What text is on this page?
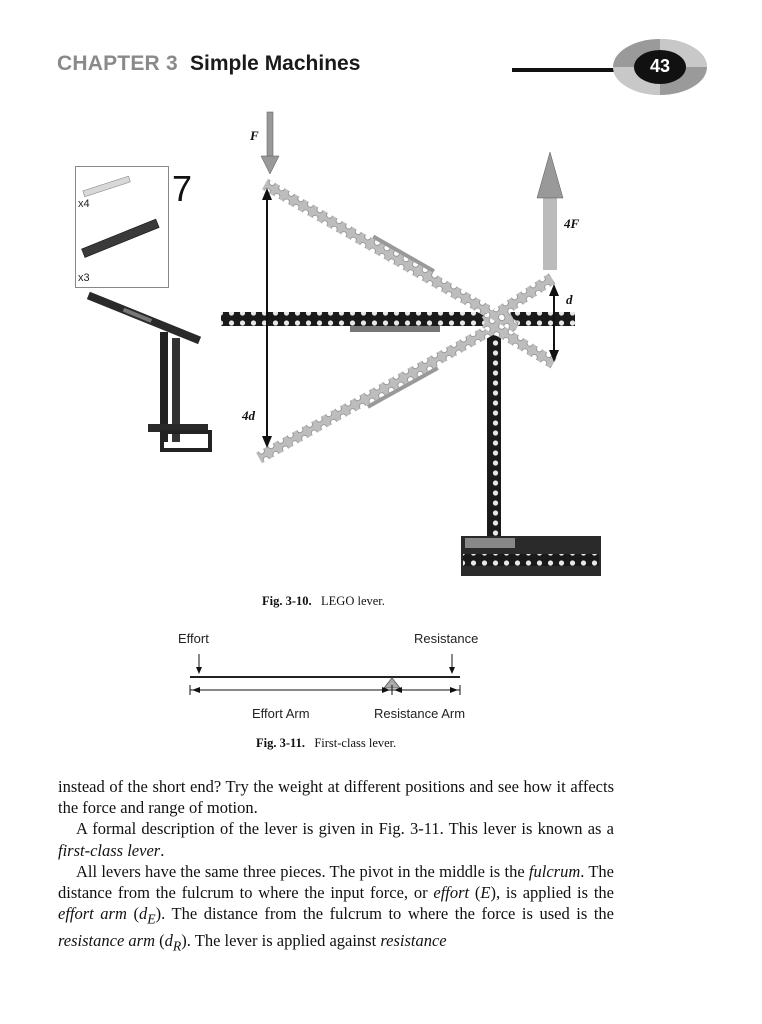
CHAPTER 3 Simple Machines	43
x4
x3
7
F
4F
d
4d
Fig. 3-10. LEGO lever.
Effort	Resistance
Effort Arm	Resistance Arm
Fig. 3-11. First-class lever.

instead of the short end? Try the weight at different positions and see how it affects the force and range of motion.

A formal description of the lever is given in Fig. 3-11. This lever is known as a first-class lever.

All levers have the same three pieces. The pivot in the middle is the fulcrum. The distance from the fulcrum to where the input force, or effort (E), is applied is the effort arm $(d_E)$. The distance from the fulcrum to where the force is used is the resistance arm $(d_R)$. The lever is applied against resistance
